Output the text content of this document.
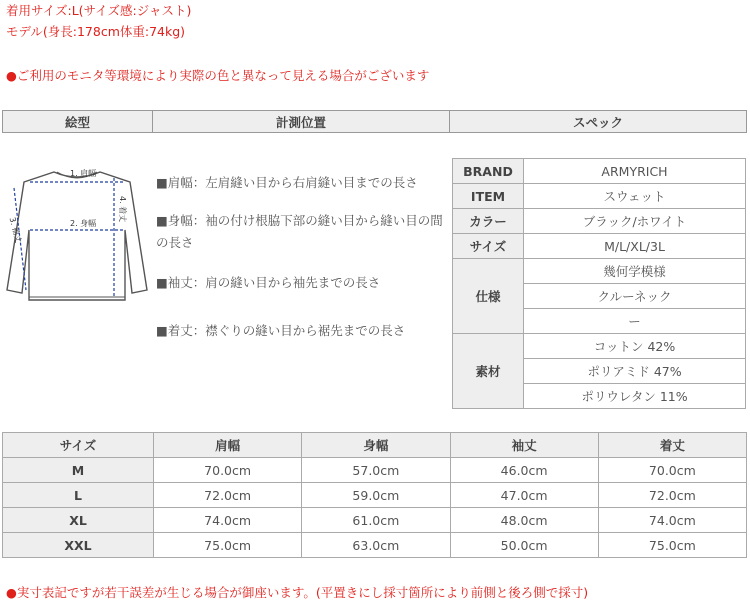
着用サイズ:L(サイズ感:ジャスト)
モデル(身長:178cm体重:74kg)
●ご利用のモニタ等環境により実際の色と異なって見える場合がございます
絵型	計測位置	スペック
1. 肩幅
2. 身幅
3. 袖丈
4. 着丈
■肩幅：左肩縫い目から右肩縫い目までの長さ
■身幅：袖の付け根脇下部の縫い目から縫い目の間の長さ
■袖丈：肩の縫い目から袖先までの長さ
■着丈：襟ぐりの縫い目から裾先までの長さ
BRAND	ARMYRICH
ITEM	スウェット
カラー	ブラック/ホワイト
サイズ	M/L/XL/3L
仕様	幾何学模様
	クルーネック
	ー
素材	コットン 42%
	ポリアミド 47%
	ポリウレタン 11%
サイズ	肩幅	身幅	袖丈	着丈
M	70.0cm	57.0cm	46.0cm	70.0cm
L	72.0cm	59.0cm	47.0cm	72.0cm
XL	74.0cm	61.0cm	48.0cm	74.0cm
XXL	75.0cm	63.0cm	50.0cm	75.0cm
●実寸表記ですが若干誤差が生じる場合が御座います。(平置きにし採寸箇所により前側と後ろ側で採寸)
